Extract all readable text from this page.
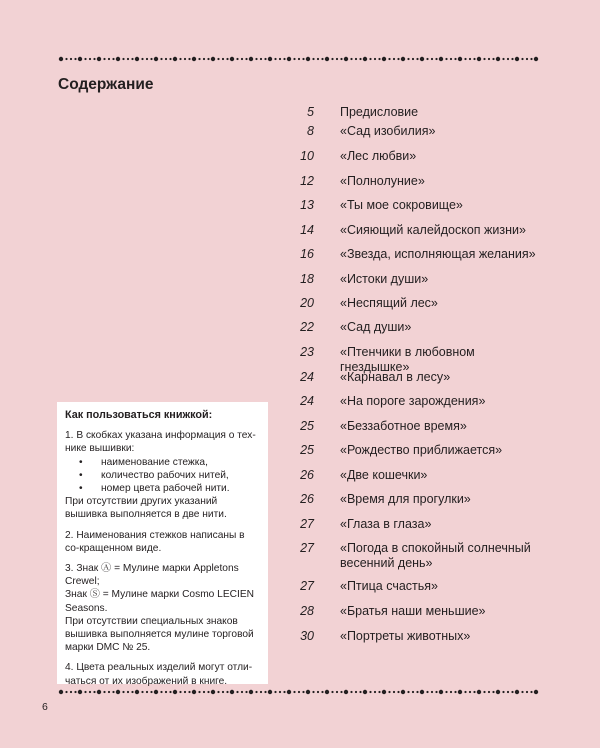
Содержание
5 Предисловие
8 «Сад изобилия»
10 «Лес любви»
12 «Полнолуние»
13 «Ты мое сокровище»
14 «Сияющий калейдоскоп жизни»
16 «Звезда, исполняющая желания»
18 «Истоки души»
20 «Неспящий лес»
22 «Сад души»
23 «Птенчики в любовном гнездышке»
24 «Карнавал в лесу»
24 «На пороге зарождения»
25 «Беззаботное время»
25 «Рождество приближается»
26 «Две кошечки»
26 «Время для прогулки»
27 «Глаза в глаза»
27 «Погода в спокойный солнечный весенний день»
27 «Птица счастья»
28 «Братья наши меньшие»
30 «Портреты животных»

Как пользоваться книжкой:

1. В скобках указана информация о тех-нике вышивки:

• наименование стежка,
• количество рабочих нитей,
• номер цвета рабочей нити.

При отсутствии других указаний вышивка выполняется в две нити.

2. Наименования стежков написаны в со-кращенном виде.

3. Знак Ⓐ = Мулине марки Appletons Crewel;

Знак Ⓢ = Мулине марки Cosmo LECIEN Seasons.

При отсутствии специальных знаков вышивка выполняется мулине торговой марки DMC № 25.

4. Цвета реальных изделий могут отли-чаться от их изображений в книге.

6
